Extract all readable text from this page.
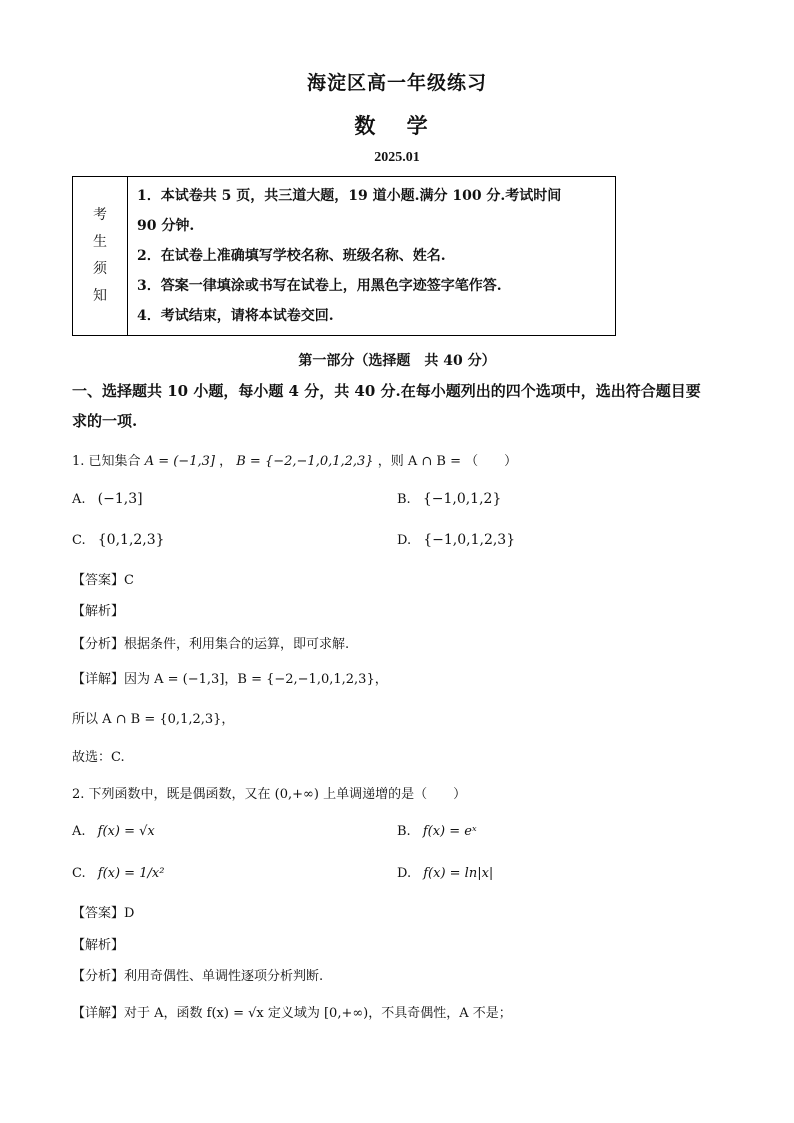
海淀区高一年级练习
数 学
2025.01
考
生
须
知

1．本试卷共 5 页，共三道大题，19 道小题.满分 100 分.考试时间
90 分钟.
2．在试卷上准确填写学校名称、班级名称、姓名.
3．答案一律填涂或书写在试卷上，用黑色字迹签字笔作答.
4．考试结束，请将本试卷交回.
第一部分（选择题　共 40 分）
一、选择题共 10 小题，每小题 4 分，共 40 分.在每小题列出的四个选项中，选出符合题目要
求的一项.
1. 已知集合 A = (−1,3] ， B = {−2,−1,0,1,2,3} ，则 A ∩ B = （　　）
A. (−1,3]	B. {−1,0,1,2}
C. {0,1,2,3}	D. {−1,0,1,2,3}
【答案】C
【解析】
【分析】根据条件，利用集合的运算，即可求解.
【详解】因为 A = (−1,3]，B = {−2,−1,0,1,2,3}，
所以 A ∩ B = {0,1,2,3}，
故选：C.
2. 下列函数中，既是偶函数，又在 (0,+∞) 上单调递增的是（　　）
A. f(x) = √x	B. f(x) = eˣ
C. f(x) = 1/x²	D. f(x) = ln|x|
【答案】D
【解析】
【分析】利用奇偶性、单调性逐项分析判断.
【详解】对于 A，函数 f(x) = √x 定义域为 [0,+∞)，不具奇偶性，A 不是；
